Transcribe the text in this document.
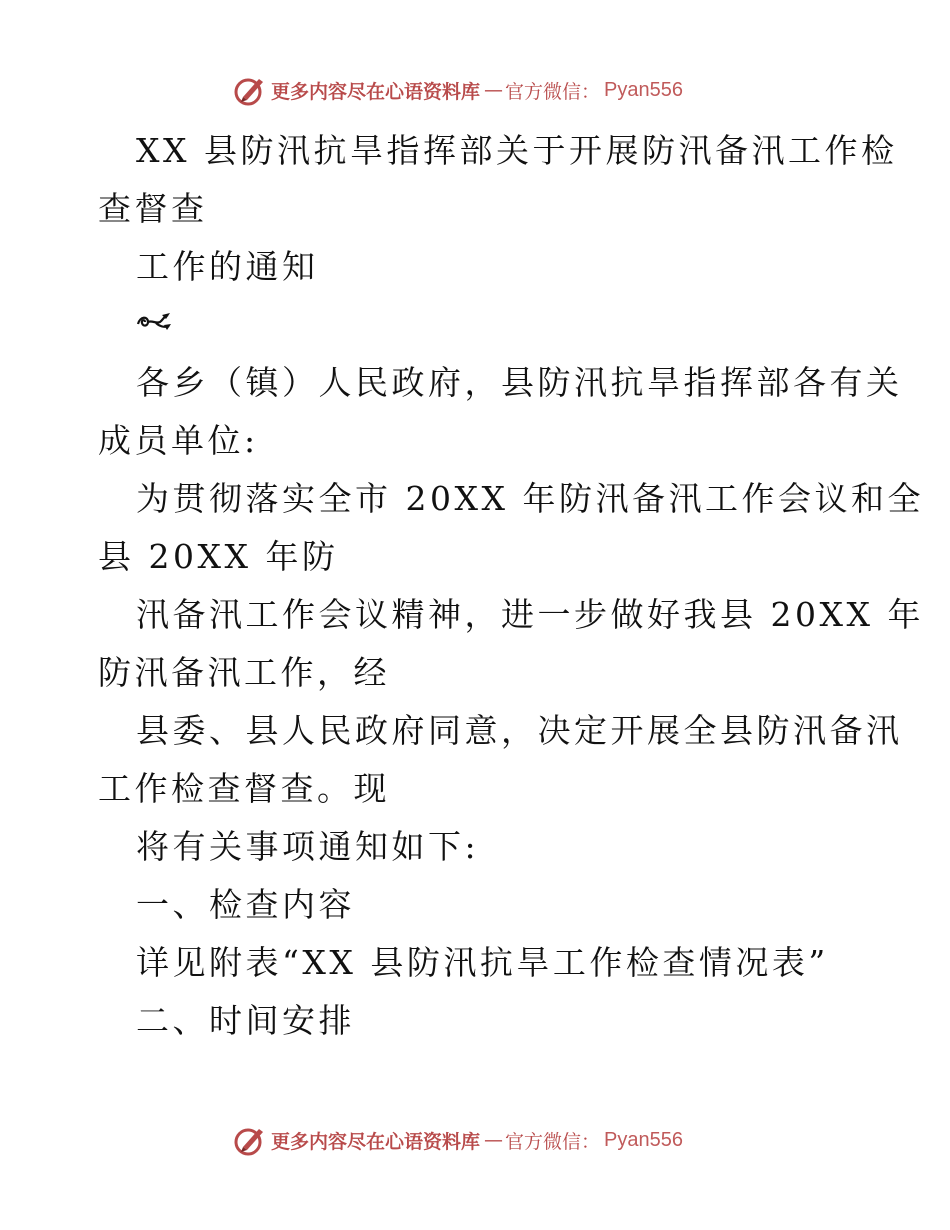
更多内容尽在心语资料库 — 官方微信： Pyan556
XX 县防汛抗旱指挥部关于开展防汛备汛工作检
查督查
工作的通知
各乡（镇）人民政府，县防汛抗旱指挥部各有关
成员单位:
为贯彻落实全市 20XX 年防汛备汛工作会议和全
县 20XX 年防
汛备汛工作会议精神，进一步做好我县 20XX 年
防汛备汛工作，经
县委、县人民政府同意，决定开展全县防汛备汛
工作检查督查。现
将有关事项通知如下:
一、检查内容
详见附表“XX 县防汛抗旱工作检查情况表”
二、时间安排
更多内容尽在心语资料库 — 官方微信： Pyan556
